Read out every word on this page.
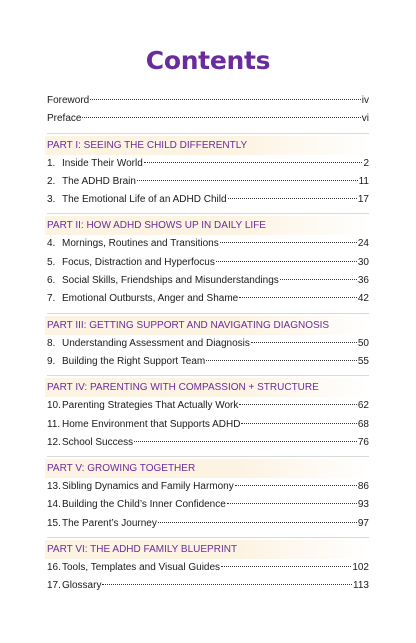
Contents
Foreword	iv
Preface	vi
PART I: SEEING THE CHILD DIFFERENTLY
1. Inside Their World	2
2. The ADHD Brain	11
3. The Emotional Life of an ADHD Child	17
PART II: HOW ADHD SHOWS UP IN DAILY LIFE
4. Mornings, Routines and Transitions	24
5. Focus, Distraction and Hyperfocus	30
6. Social Skills, Friendships and Misunderstandings	36
7. Emotional Outbursts, Anger and Shame	42
PART III: GETTING SUPPORT AND NAVIGATING DIAGNOSIS
8. Understanding Assessment and Diagnosis	50
9. Building the Right Support Team	55
PART IV: PARENTING WITH COMPASSION + STRUCTURE
10. Parenting Strategies That Actually Work	62
11. Home Environment that Supports ADHD	68
12. School Success	76
PART V: GROWING TOGETHER
13. Sibling Dynamics and Family Harmony	86
14. Building the Child’s Inner Confidence	93
15. The Parent’s Journey	97
PART VI: THE ADHD FAMILY BLUEPRINT
16. Tools, Templates and Visual Guides	102
17. Glossary	113
